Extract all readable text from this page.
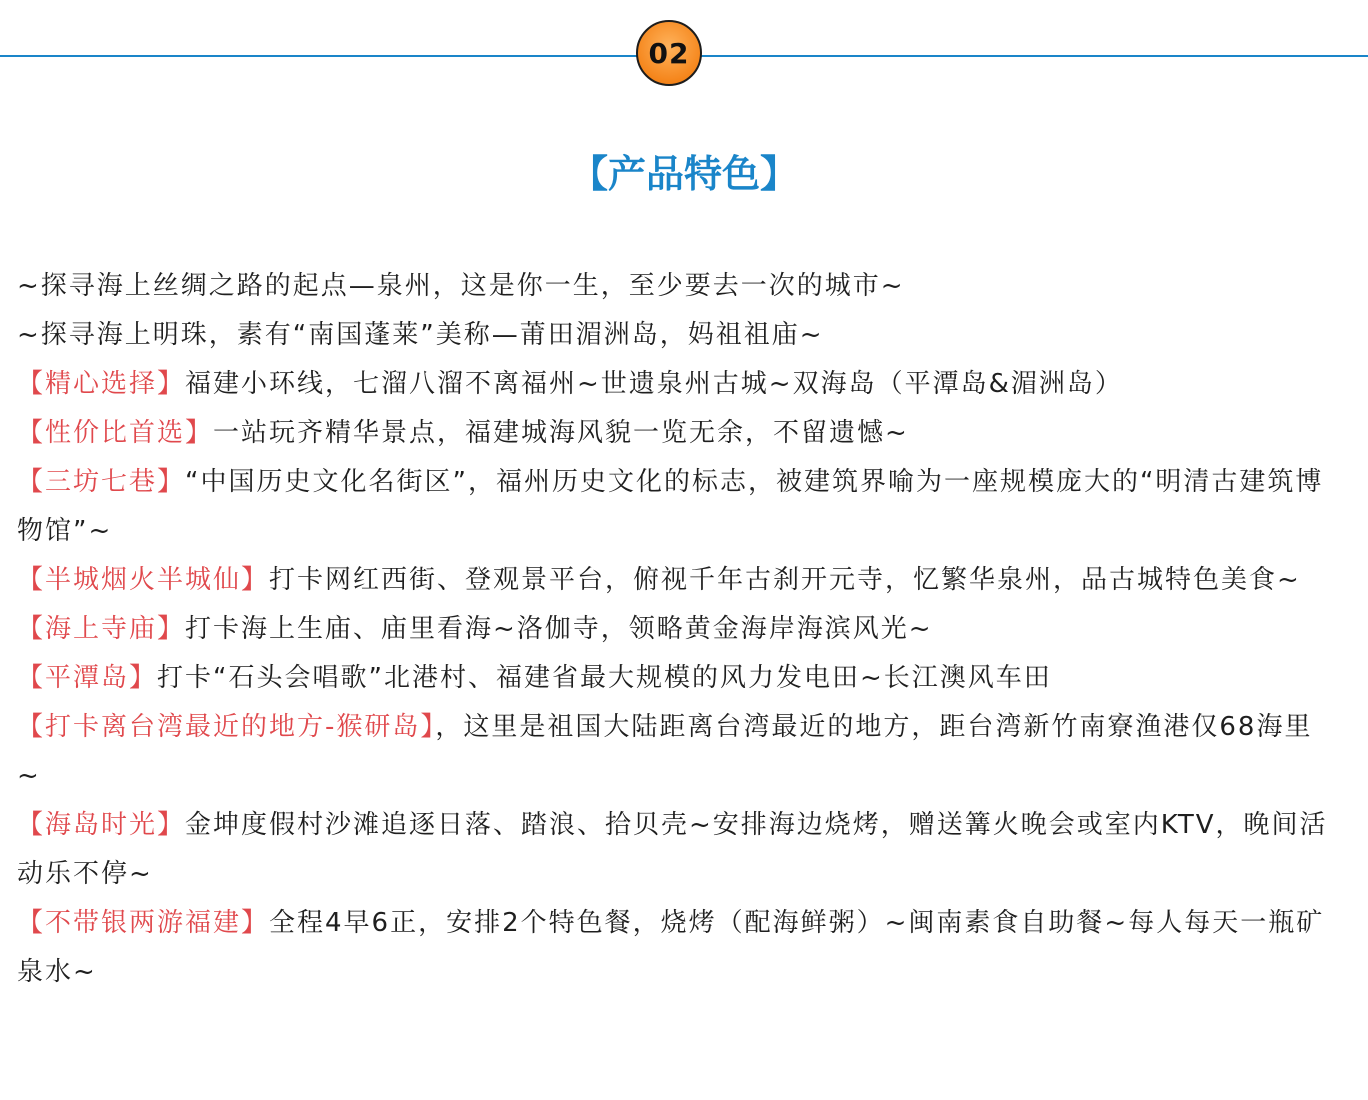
02
【产品特色】

~探寻海上丝绸之路的起点—泉州，这是你一生，至少要去一次的城市~

~探寻海上明珠，素有“南国蓬莱”美称—莆田湄洲岛，妈祖祖庙~

【精心选择】福建小环线，七溜八溜不离福州~世遗泉州古城~双海岛（平潭岛&湄洲岛）

【性价比首选】一站玩齐精华景点，福建城海风貌一览无余，不留遗憾~

【三坊七巷】“中国历史文化名街区”，福州历史文化的标志，被建筑界喻为一座规模庞大的“明清古建筑博物馆”~

【半城烟火半城仙】打卡网红西街、登观景平台，俯视千年古刹开元寺，忆繁华泉州，品古城特色美食~

【海上寺庙】打卡海上生庙、庙里看海~洛伽寺，领略黄金海岸海滨风光~

【平潭岛】打卡“石头会唱歌”北港村、福建省最大规模的风力发电田~长江澳风车田

【打卡离台湾最近的地方-猴研岛】，这里是祖国大陆距离台湾最近的地方，距台湾新竹南寮渔港仅68海里~

【海岛时光】金坤度假村沙滩追逐日落、踏浪、拾贝壳~安排海边烧烤，赠送篝火晚会或室内KTV，晚间活动乐不停~

【不带银两游福建】全程4早6正，安排2个特色餐，烧烤（配海鲜粥）~闽南素食自助餐~每人每天一瓶矿泉水~
